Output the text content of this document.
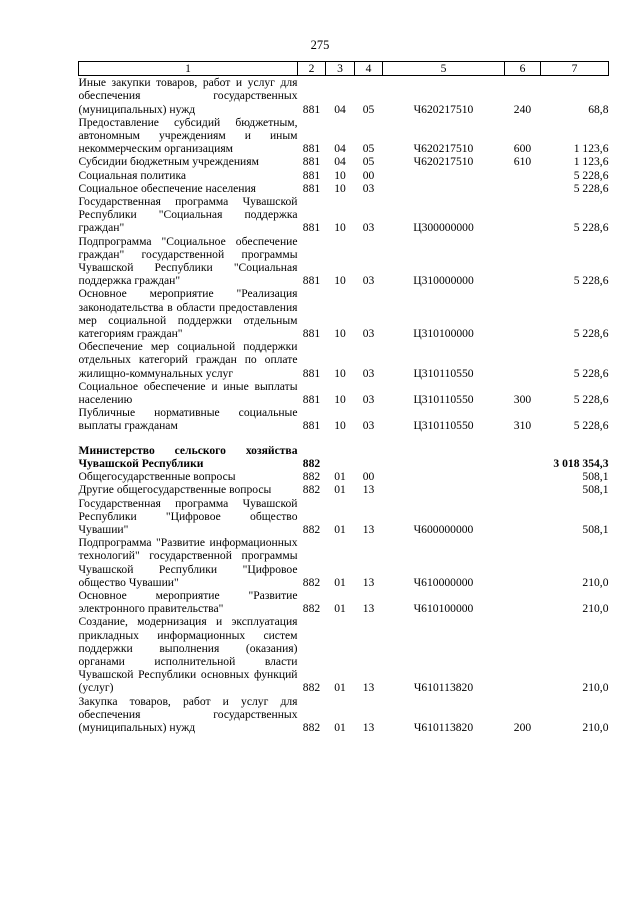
275
1	2	3	4	5	6	7
Иные закупки товаров, работ и услуг для обеспечения государственных (муниципальных) нужд	881	04	05	Ч620217510	240	68,8
Предоставление субсидий бюджетным, автономным учреждениям и иным некоммерческим организациям	881	04	05	Ч620217510	600	1 123,6
Субсидии бюджетным учреждениям	881	04	05	Ч620217510	610	1 123,6
Социальная политика	881	10	00			5 228,6
Социальное обеспечение населения	881	10	03			5 228,6
Государственная программа Чувашской Республики "Социальная поддержка граждан"	881	10	03	Ц300000000		5 228,6
Подпрограмма "Социальное обеспечение граждан" государственной программы Чувашской Республики "Социальная поддержка граждан"	881	10	03	Ц310000000		5 228,6
Основное мероприятие "Реализация законодательства в области предоставления мер социальной поддержки отдельным категориям граждан"	881	10	03	Ц310100000		5 228,6
Обеспечение мер социальной поддержки отдельных категорий граждан по оплате жилищно-коммунальных услуг	881	10	03	Ц310110550		5 228,6
Социальное обеспечение и иные выплаты населению	881	10	03	Ц310110550	300	5 228,6
Публичные нормативные социальные выплаты гражданам	881	10	03	Ц310110550	310	5 228,6

Министерство сельского хозяйства Чувашской Республики	882					3 018 354,3
Общегосударственные вопросы	882	01	00			508,1
Другие общегосударственные вопросы	882	01	13			508,1
Государственная программа Чувашской Республики "Цифровое общество Чувашии"	882	01	13	Ч600000000		508,1
Подпрограмма "Развитие информационных технологий" государственной программы Чувашской Республики "Цифровое общество Чувашии"	882	01	13	Ч610000000		210,0
Основное мероприятие "Развитие электронного правительства"	882	01	13	Ч610100000		210,0
Создание, модернизация и эксплуатация прикладных информационных систем поддержки выполнения (оказания) органами исполнительной власти Чувашской Республики основных функций (услуг)	882	01	13	Ч610113820		210,0
Закупка товаров, работ и услуг для обеспечения государственных (муниципальных) нужд	882	01	13	Ч610113820	200	210,0
